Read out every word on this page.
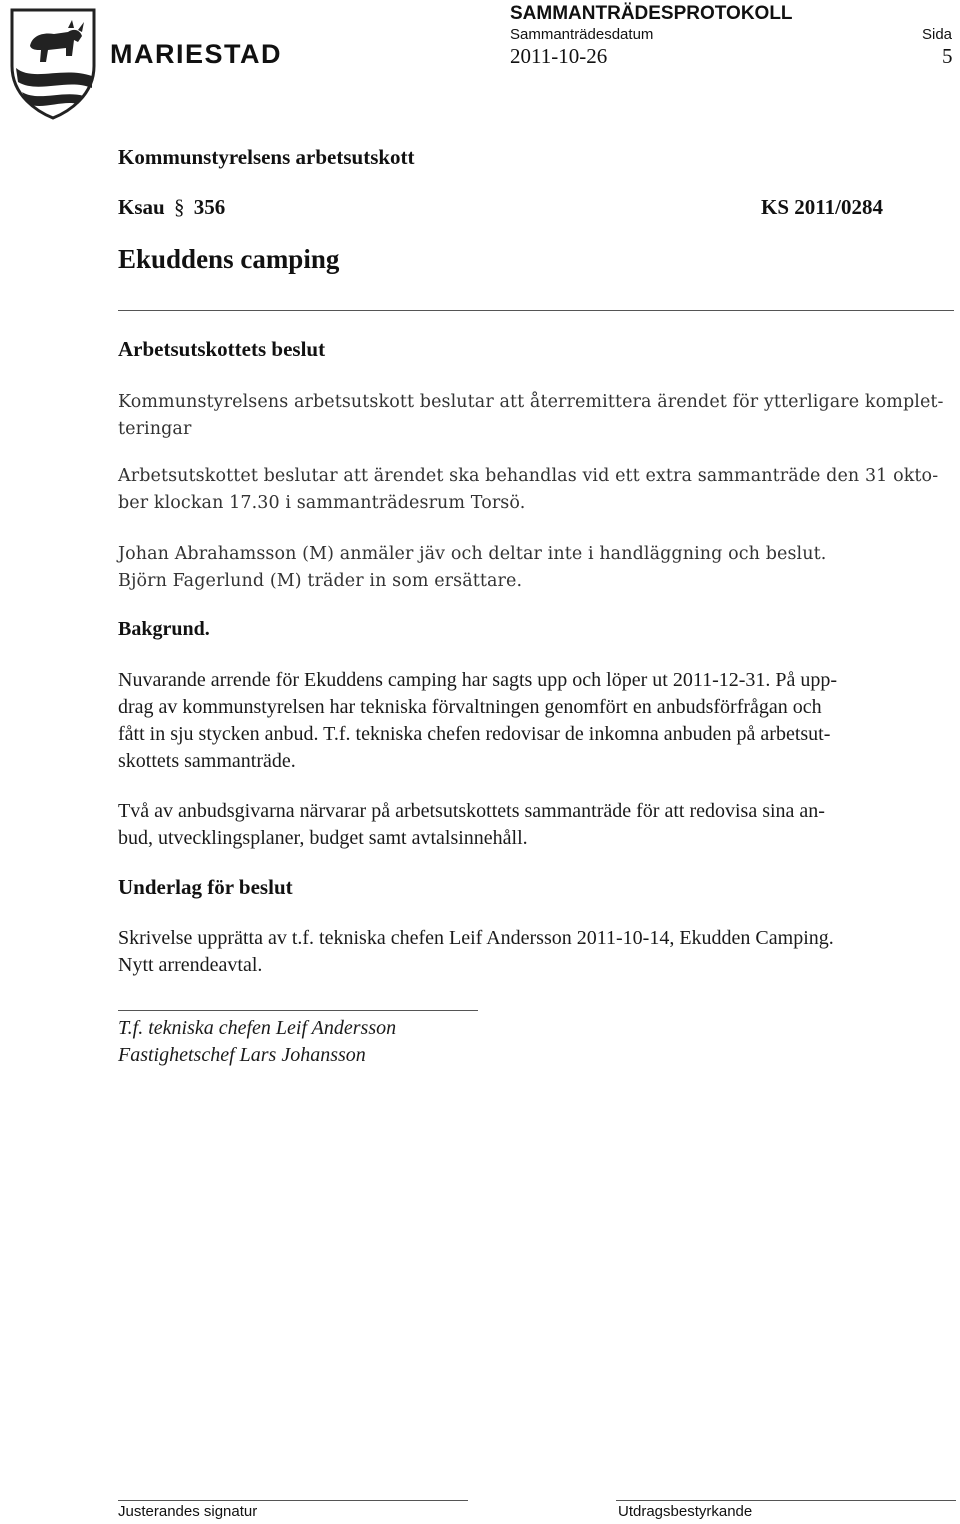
MARIESTAD
SAMMANTRÄDESPROTOKOLL
Sammanträdesdatum
2011-10-26
Sida
5
Kommunstyrelsens arbetsutskott
Ksau § 356	KS 2011/0284
Ekuddens camping
Arbetsutskottets beslut
Kommunstyrelsens arbetsutskott beslutar att återremittera ärendet för ytterligare komplet-
teringar
Arbetsutskottet beslutar att ärendet ska behandlas vid ett extra sammanträde den 31 okto-
ber klockan 17.30 i sammanträdesrum Torsö.
Johan Abrahamsson (M) anmäler jäv och deltar inte i handläggning och beslut.
Björn Fagerlund (M) träder in som ersättare.
Bakgrund.
Nuvarande arrende för Ekuddens camping har sagts upp och löper ut 2011-12-31. På upp-
drag av kommunstyrelsen har tekniska förvaltningen genomfört en anbudsförfrågan och
fått in sju stycken anbud. T.f. tekniska chefen redovisar de inkomna anbuden på arbetsut-
skottets sammanträde.
Två av anbudsgivarna närvarar på arbetsutskottets sammanträde för att redovisa sina an-
bud, utvecklingsplaner, budget samt avtalsinnehåll.
Underlag för beslut
Skrivelse upprätta av t.f. tekniska chefen Leif Andersson 2011-10-14, Ekudden Camping.
Nytt arrendeavtal.
T.f. tekniska chefen Leif Andersson
Fastighetschef Lars Johansson
Justerandes signatur	Utdragsbestyrkande
